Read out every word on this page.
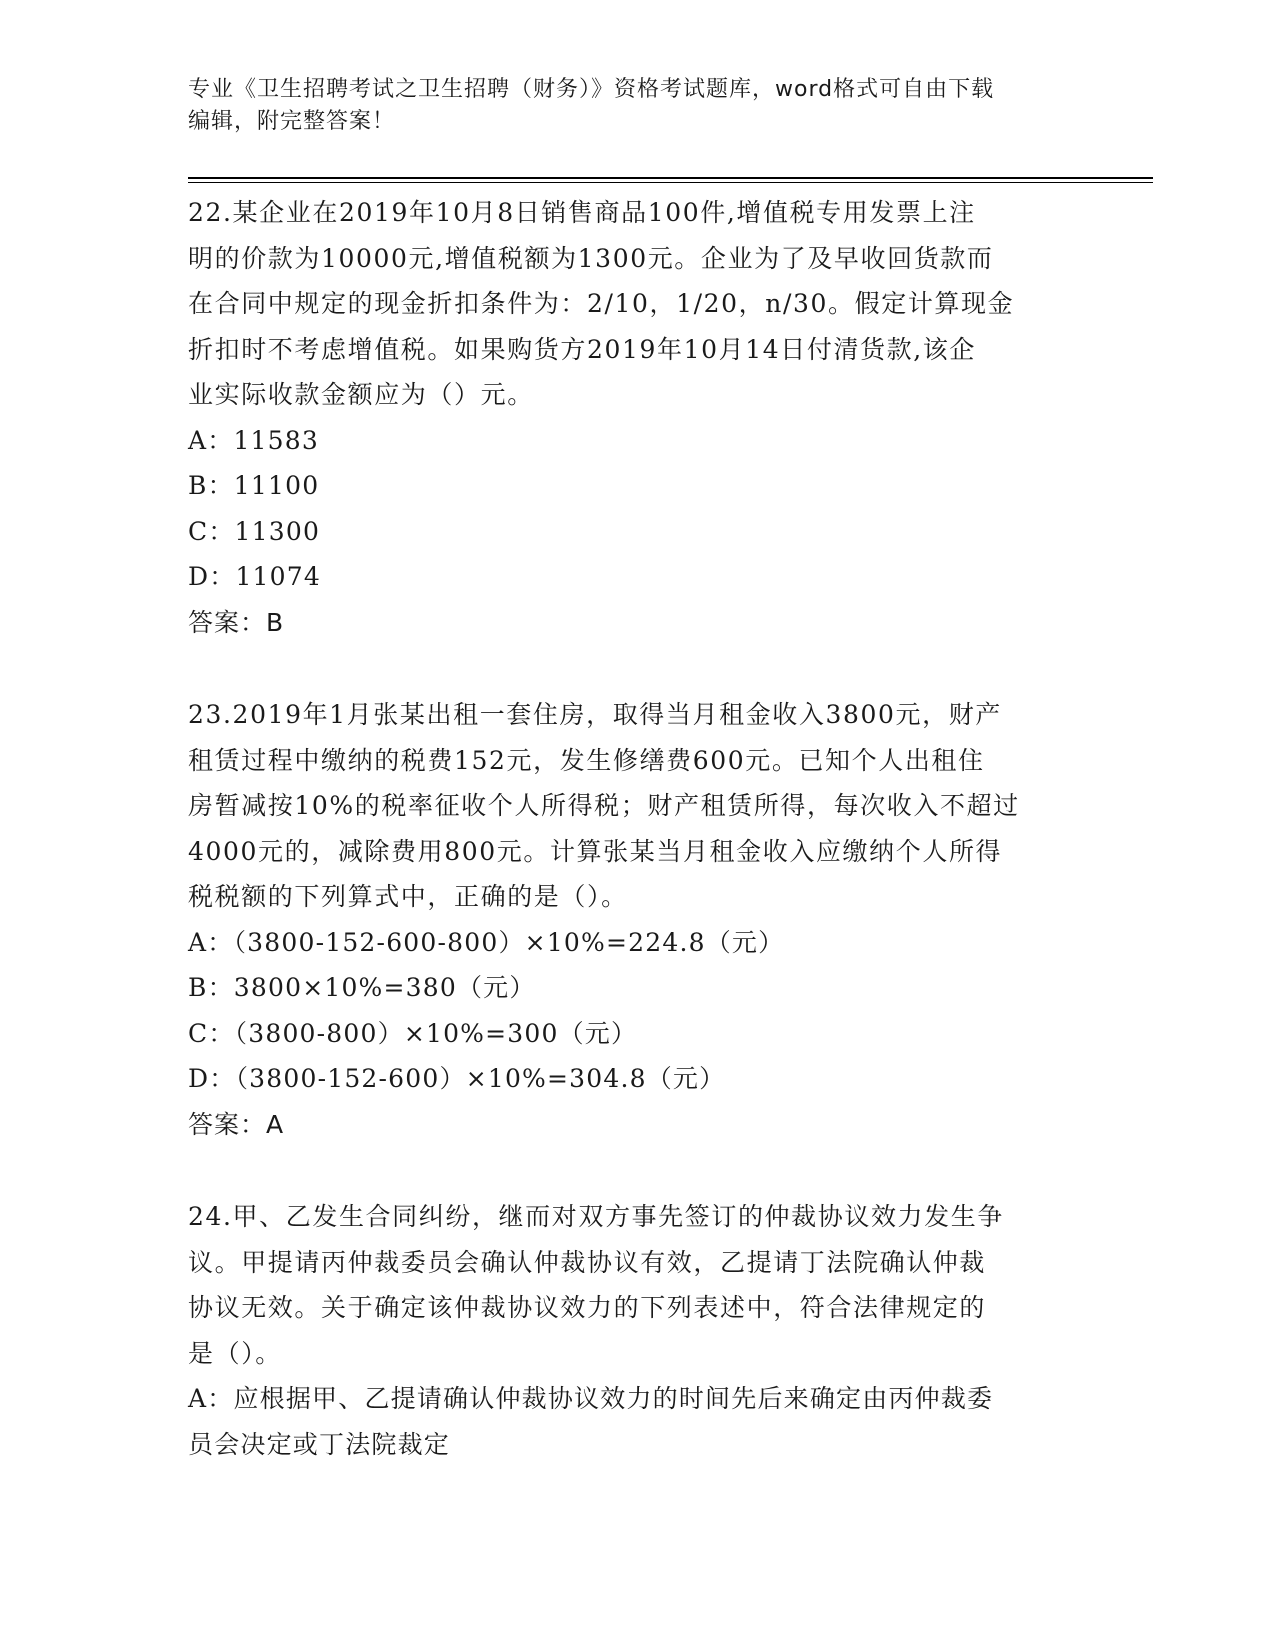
专业《卫生招聘考试之卫生招聘（财务）》资格考试题库，word格式可自由下载
编辑，附完整答案！

22.某企业在2019年10月8日销售商品100件,增值税专用发票上注

明的价款为10000元,增值税额为1300元。企业为了及早收回货款而

在合同中规定的现金折扣条件为：2/10，1/20，n/30。假定计算现金

折扣时不考虑增值税。如果购货方2019年10月14日付清货款,该企

业实际收款金额应为（）元。

A：11583

B：11100

C：11300

D：11074

答案：B

23.2019年1月张某出租一套住房，取得当月租金收入3800元，财产

租赁过程中缴纳的税费152元，发生修缮费600元。已知个人出租住

房暂减按10%的税率征收个人所得税；财产租赁所得，每次收入不超过

4000元的，减除费用800元。计算张某当月租金收入应缴纳个人所得

税税额的下列算式中，正确的是（）。

A：（3800-152-600-800）×10%=224.8（元）

B：3800×10%=380（元）

C：（3800-800）×10%=300（元）

D：（3800-152-600）×10%=304.8（元）

答案：A

24.甲、乙发生合同纠纷，继而对双方事先签订的仲裁协议效力发生争

议。甲提请丙仲裁委员会确认仲裁协议有效，乙提请丁法院确认仲裁

协议无效。关于确定该仲裁协议效力的下列表述中，符合法律规定的

是（）。

A：应根据甲、乙提请确认仲裁协议效力的时间先后来确定由丙仲裁委

员会决定或丁法院裁定
